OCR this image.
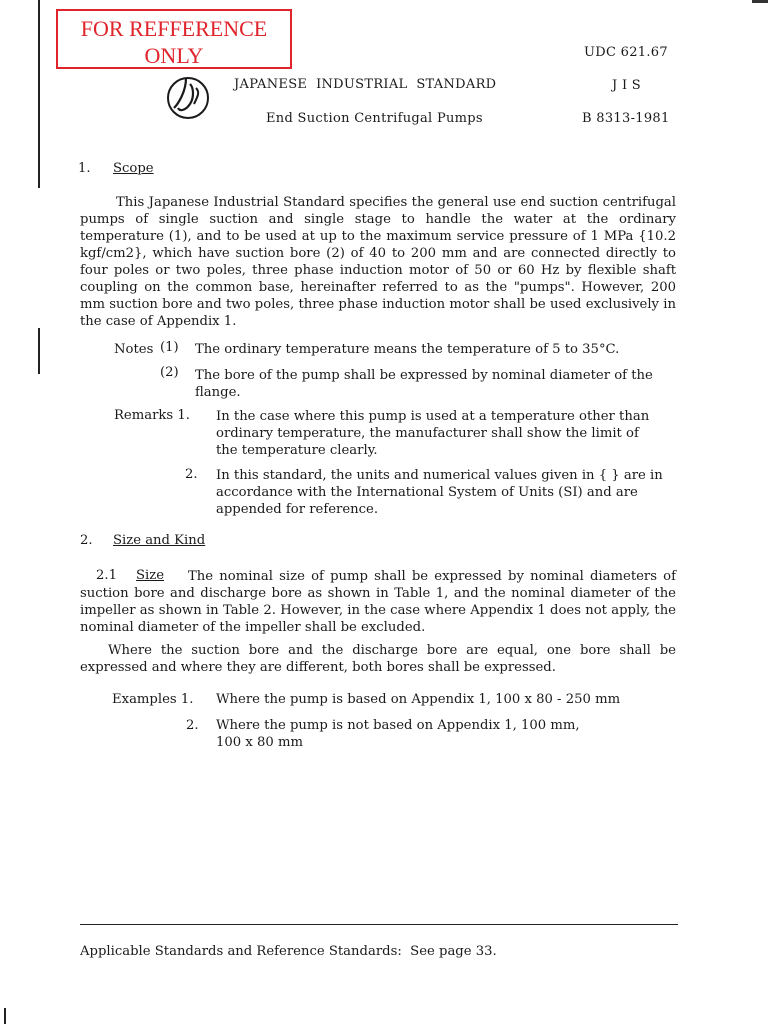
FOR REFFERENCE
ONLY	UDC 621.67
JAPANESE  INDUSTRIAL  STANDARD	J I S
End Suction Centrifugal Pumps	B 8313-1981
1. Scope
This Japanese Industrial Standard specifies the general use end suction centrifugal pumps of single suction and single stage to handle the water at the ordinary temperature (1), and to be used at up to the maximum service pressure of 1 MPa {10.2 kgf/cm2}, which have suction bore (2) of 40 to 200 mm and are connected directly to four poles or two poles, three phase induction motor of 50 or 60 Hz by flexible shaft coupling on the common base, hereinafter referred to as the "pumps". However, 200 mm suction bore and two poles, three phase induction motor shall be used exclusively in the case of Appendix 1.
Notes (1) The ordinary temperature means the temperature of 5 to 35°C.
(2) The bore of the pump shall be expressed by nominal diameter of the flange.
Remarks 1. In the case where this pump is used at a temperature other than ordinary temperature, the manufacturer shall show the limit of the temperature clearly.
2. In this standard, the units and numerical values given in { } are in accordance with the International System of Units (SI) and are appended for reference.
2. Size and Kind
2.1 Size	The nominal size of pump shall be expressed by nominal diameters of suction bore and discharge bore as shown in Table 1, and the nominal diameter of the impeller as shown in Table 2. However, in the case where Appendix 1 does not apply, the nominal diameter of the impeller shall be excluded.
Where the suction bore and the discharge bore are equal, one bore shall be expressed and where they are different, both bores shall be expressed.
Examples 1. Where the pump is based on Appendix 1, 100 x 80 - 250 mm
2. Where the pump is not based on Appendix 1, 100 mm,
100 x 80 mm
Applicable Standards and Reference Standards:  See page 33.
